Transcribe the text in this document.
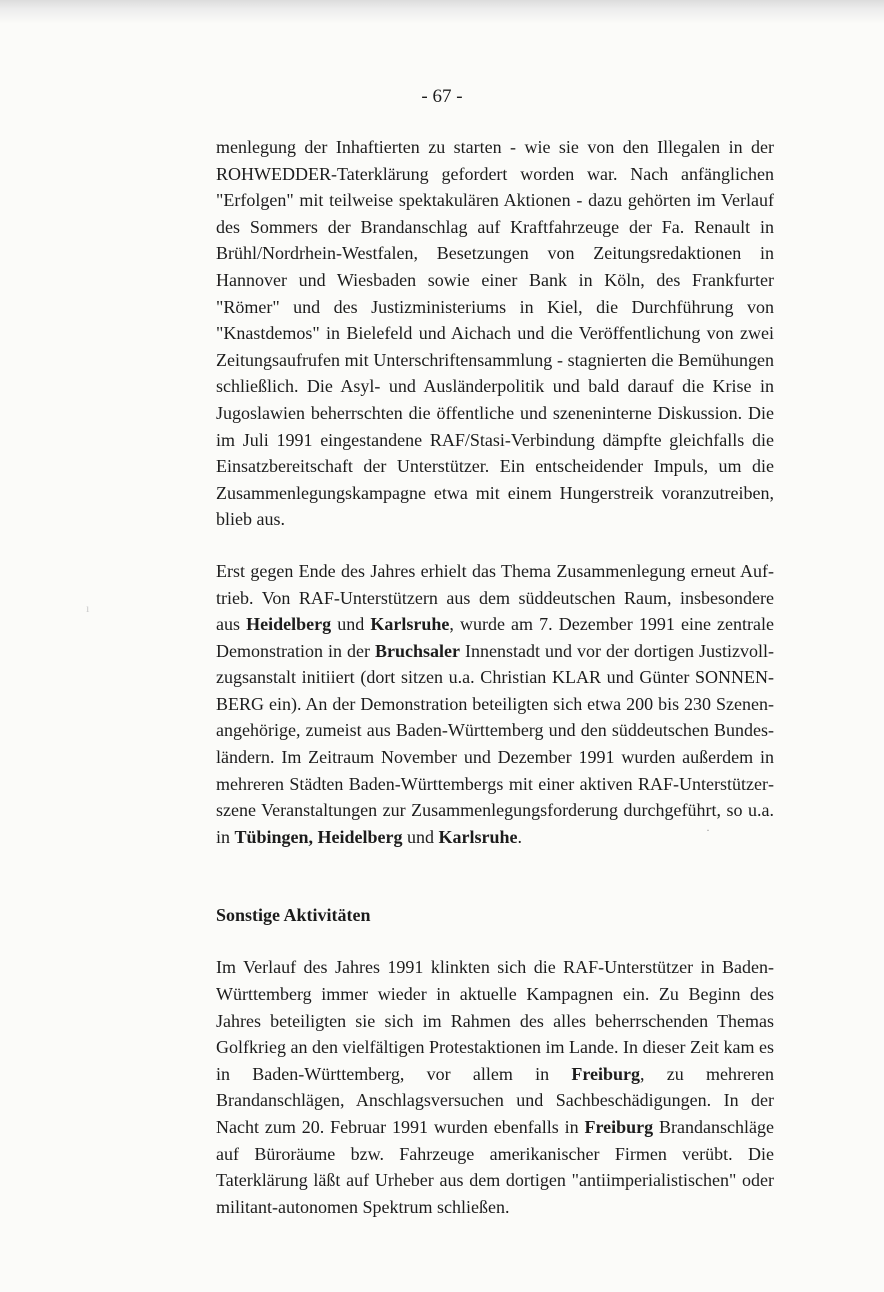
- 67 -

menlegung der Inhaftierten zu starten - wie sie von den Illegalen in der ROHWEDDER-Taterklärung gefordert worden war. Nach anfänglichen "Erfolgen" mit teilweise spektakulären Aktionen - dazu gehörten im Verlauf des Sommers der Brandanschlag auf Kraftfahrzeuge der Fa. Renault in Brühl/Nordrhein-Westfalen, Besetzungen von Zeitungsredaktionen in Hannover und Wiesbaden sowie einer Bank in Köln, des Frankfurter "Römer" und des Justizministeriums in Kiel, die Durchführung von "Knastdemos" in Bielefeld und Aichach und die Veröffentlichung von zwei Zeitungsaufrufen mit Unterschriftensammlung - stagnierten die Bemühungen schließlich. Die Asyl- und Ausländerpolitik und bald darauf die Krise in Jugoslawien beherrschten die öffentliche und szeneninterne Diskussion. Die im Juli 1991 eingestandene RAF/Stasi-Verbindung dämpfte gleichfalls die Einsatzbereitschaft der Unterstützer. Ein entscheidender Impuls, um die Zusammenlegungskampagne etwa mit einem Hungerstreik voranzutreiben, blieb aus.

Erst gegen Ende des Jahres erhielt das Thema Zusammenlegung erneut Auftrieb. Von RAF-Unterstützern aus dem süddeutschen Raum, insbesondere aus Heidelberg und Karlsruhe, wurde am 7. Dezember 1991 eine zentrale Demonstration in der Bruchsaler Innenstadt und vor der dortigen Justizvollzugsanstalt initiiert (dort sitzen u.a. Christian KLAR und Günter SONNENBERG ein). An der Demonstration beteiligten sich etwa 200 bis 230 Szenenangehörige, zumeist aus Baden-Württemberg und den süddeutschen Bundesländern. Im Zeitraum November und Dezember 1991 wurden außerdem in mehreren Städten Baden-Württembergs mit einer aktiven RAF-Unterstützerszene Veranstaltungen zur Zusammenlegungsforderung durchgeführt, so u.a. in Tübingen, Heidelberg und Karlsruhe.

Sonstige Aktivitäten

Im Verlauf des Jahres 1991 klinkten sich die RAF-Unterstützer in Baden-Württemberg immer wieder in aktuelle Kampagnen ein. Zu Beginn des Jahres beteiligten sie sich im Rahmen des alles beherrschenden Themas Golfkrieg an den vielfältigen Protestaktionen im Lande. In dieser Zeit kam es in Baden-Württemberg, vor allem in Freiburg, zu mehreren Brandanschlägen, Anschlagsversuchen und Sachbeschädigungen. In der Nacht zum 20. Februar 1991 wurden ebenfalls in Freiburg Brandanschläge auf Büroräume bzw. Fahrzeuge amerikanischer Firmen verübt. Die Taterklärung läßt auf Urheber aus dem dortigen "antiimperialistischen" oder militant-autonomen Spektrum schließen.

·
ı
